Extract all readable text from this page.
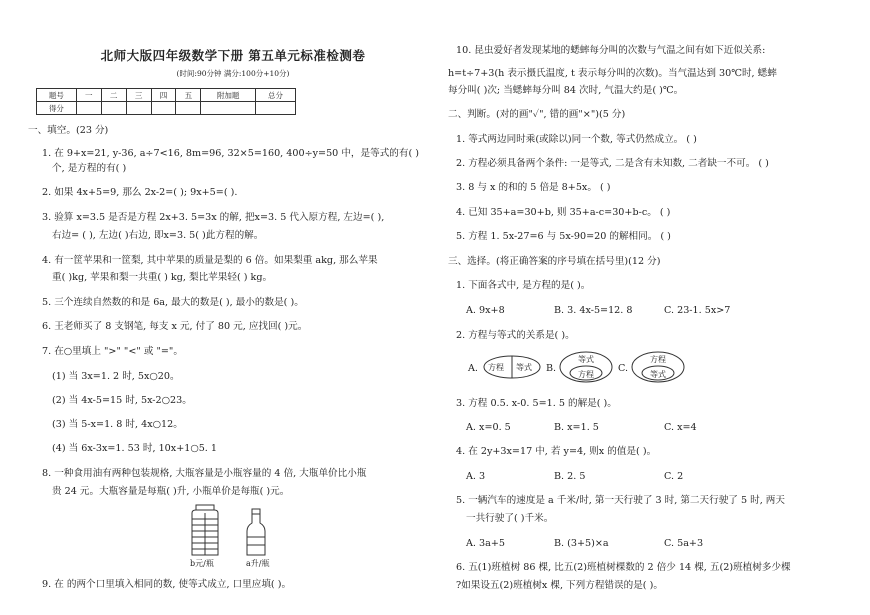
北师大版四年级数学下册 第五单元标准检测卷
(时间:90分钟 满分:100分+10分)
题号	一	二	三	四	五	附加题	总分
得分							
一、填空。(23 分)
1. 在 9+x=21, y-36, a÷7<16, 8m=96, 32×5=160, 400÷y=50 中，是等式的有( )
个, 是方程的有( )
2. 如果 4x+5=9, 那么 2x-2=( ); 9x+5=( ).
3. 验算 x=3.5 是否是方程 2x+3. 5=3x 的解, 把x=3. 5 代入原方程, 左边=( ),
右边= ( ), 左边( )右边, 即x=3. 5( )此方程的解。
4. 有一筐苹果和一筐梨, 其中苹果的质量是梨的 6 倍。如果梨重 akg, 那么苹果
重( )kg, 苹果和梨一共重( ) kg, 梨比苹果轻( ) kg。
5. 三个连续自然数的和是 6a, 最大的数是( ), 最小的数是( )。
6. 王老师买了 8 支钢笔, 每支 x 元, 付了 80 元, 应找回( )元。
7. 在○里填上 ">" "<" 或 "="。
(1) 当 3x=1. 2 时, 5x○20。
(2) 当 4x-5=15 时, 5x-2○23。
(3) 当 5-x=1. 8 时, 4x○12。
(4) 当 6x-3x=1. 53 时, 10x+1○5. 1
8. 一种食用油有两种包装规格, 大瓶容量是小瓶容量的 4 倍, 大瓶单价比小瓶
贵 24 元。大瓶容量是每瓶( )升, 小瓶单价是每瓶( )元。
b元/瓶	a升/瓶
9. 在 的两个口里填入相同的数, 使等式成立, 口里应填( )。
10. 昆虫爱好者发现某地的蟋蟀每分叫的次数与气温之间有如下近似关系:
h=t÷7+3(h 表示摄氏温度, t 表示每分叫的次数)。当气温达到 30℃时, 蟋蟀
每分叫( )次; 当蟋蟀每分叫 84 次时, 气温大约是( )℃。
二、判断。(对的画"✓", 错的画"×")(5 分)
1. 等式两边同时乘(或除以)同一个数, 等式仍然成立。 ( )
2. 方程必须具备两个条件: 一是等式, 二是含有未知数, 二者缺一不可。 ( )
3. 8 与 x 的和的 5 倍是 8+5x。 ( )
4. 已知 35+a=30+b, 则 35+a-c=30+b-c。 ( )
5. 方程 1. 5x-27=6 与 5x-90=20 的解相同。 ( )
三、选择。(将正确答案的序号填在括号里)(12 分)
1. 下面各式中, 是方程的是( )。
A. 9x+8	B. 3. 4x-5=12. 8	C. 23-1. 5x>7
2. 方程与等式的关系是( )。
A. 方程 等式 B.
等式
方程
C.
方程
等式
3. 方程 0.5. x-0. 5=1. 5 的解是( )。
A. x=0. 5	B. x=1. 5	C. x=4
4. 在 2y+3x=17 中, 若 y=4, 则x 的值是( )。
A. 3	B. 2. 5	C. 2
5. 一辆汽车的速度是 a 千米/时, 第一天行驶了 3 时, 第二天行驶了 5 时, 两天
一共行驶了( )千米。
A. 3a+5	B. (3+5)×a	C. 5a+3
6. 五(1)班植树 86 棵, 比五(2)班植树棵数的 2 倍少 14 棵, 五(2)班植树多少棵
?如果设五(2)班植树x 棵, 下列方程错误的是( )。
